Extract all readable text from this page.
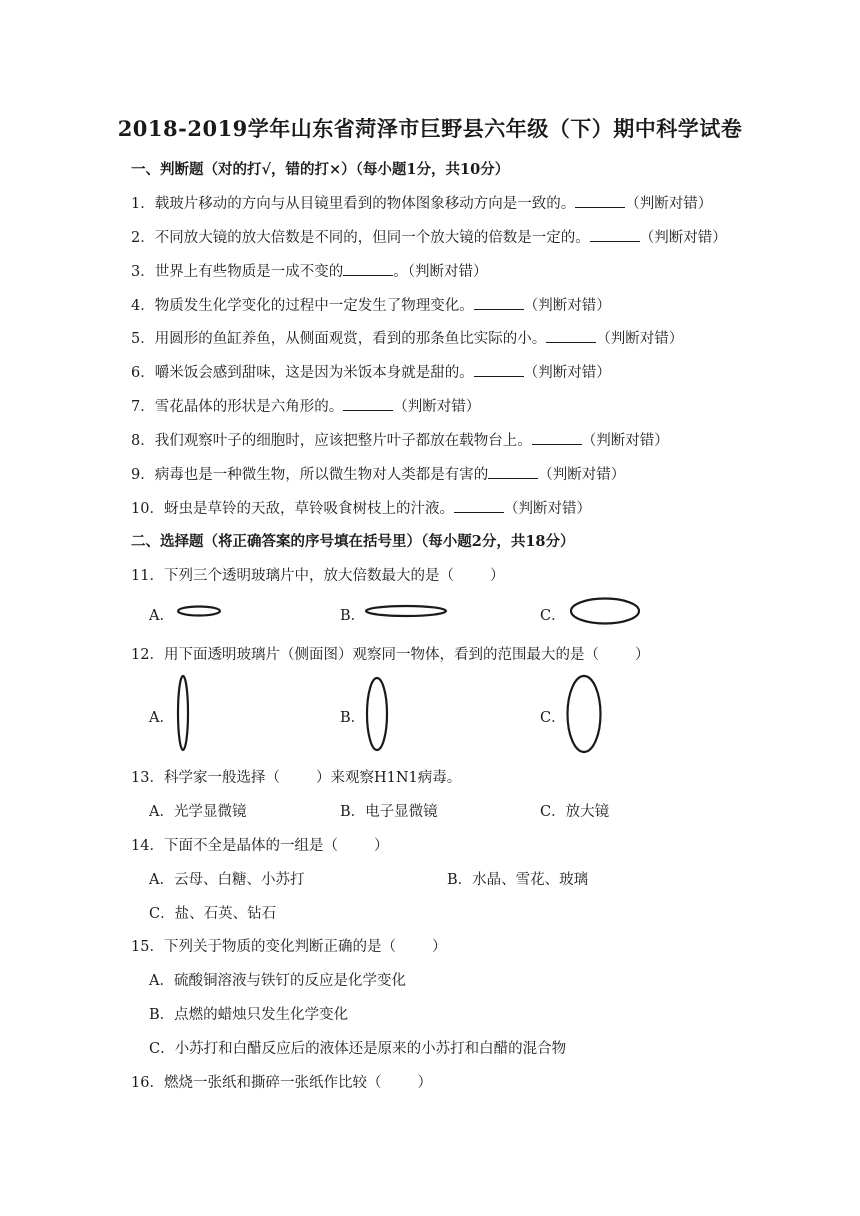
2018-2019学年山东省菏泽市巨野县六年级（下）期中科学试卷
一、判断题（对的打√，错的打×）（每小题1分，共10分）
1．载玻片移动的方向与从目镜里看到的物体图象移动方向是一致的。	（判断对错）
2．不同放大镜的放大倍数是不同的，但同一个放大镜的倍数是一定的。	（判断对错）
3．世界上有些物质是一成不变的	。（判断对错）
4．物质发生化学变化的过程中一定发生了物理变化。	（判断对错）
5．用圆形的鱼缸养鱼，从侧面观赏，看到的那条鱼比实际的小。	（判断对错）
6．嚼米饭会感到甜味，这是因为米饭本身就是甜的。	（判断对错）
7．雪花晶体的形状是六角形的。	（判断对错）
8．我们观察叶子的细胞时，应该把整片叶子都放在载物台上。	（判断对错）
9．病毒也是一种微生物，所以微生物对人类都是有害的	（判断对错）
10．蚜虫是草铃的天敌，草铃吸食树枝上的汁液。	（判断对错）
二、选择题（将正确答案的序号填在括号里）（每小题2分，共18分）
11．下列三个透明玻璃片中，放大倍数最大的是（ ）
A．	B．	C．
12．用下面透明玻璃片（侧面图）观察同一物体，看到的范围最大的是（ ）
A．	B．	C．
13．科学家一般选择（ ）来观察H1N1病毒。
A．光学显微镜	B．电子显微镜	C．放大镜
14．下面不全是晶体的一组是（ ）
A．云母、白糖、小苏打	B．水晶、雪花、玻璃
C．盐、石英、钻石
15．下列关于物质的变化判断正确的是（ ）
A．硫酸铜溶液与铁钉的反应是化学变化
B．点燃的蜡烛只发生化学变化
C．小苏打和白醋反应后的液体还是原来的小苏打和白醋的混合物
16．燃烧一张纸和撕碎一张纸作比较（ ）
